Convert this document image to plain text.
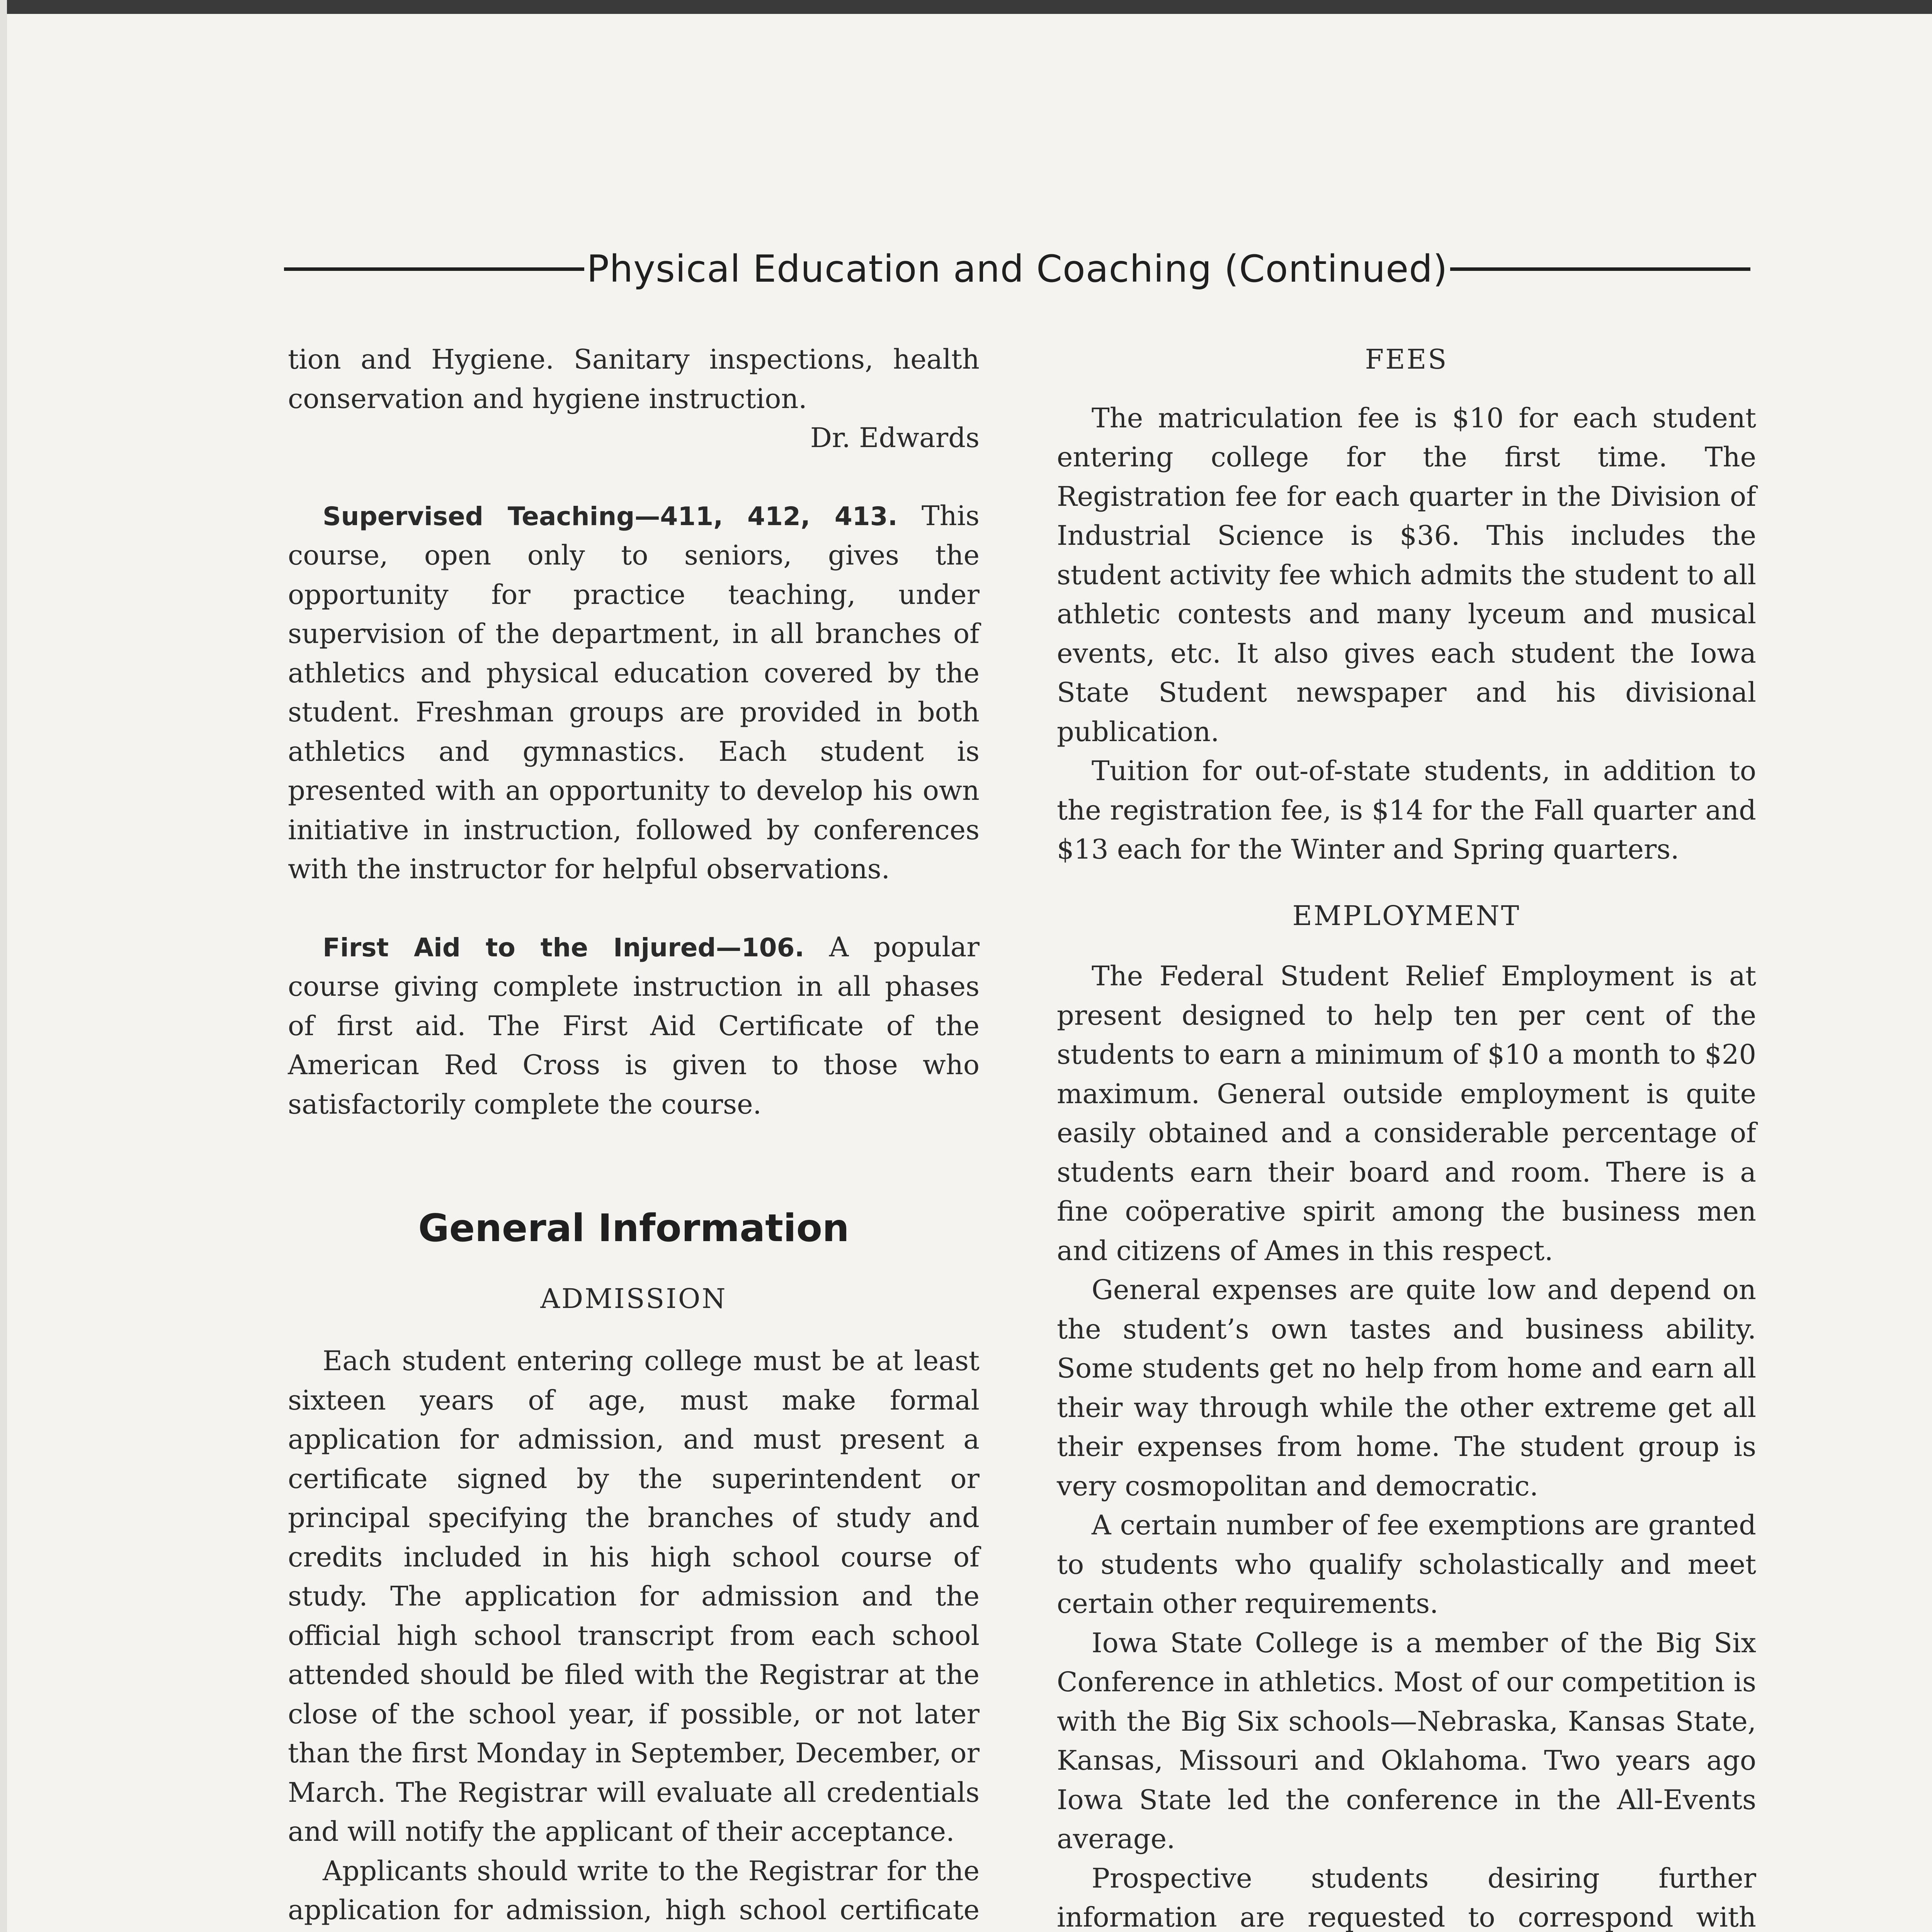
Physical Education and Coaching (Continued)

tion and Hygiene. Sanitary inspections, health conservation and hygiene instruction.

Dr. Edwards

Supervised Teaching—411, 412, 413. This course, open only to seniors, gives the opportunity for practice teaching, under supervision of the department, in all branches of athletics and physical education covered by the student. Freshman groups are provided in both athletics and gymnastics. Each student is presented with an opportunity to develop his own initiative in instruction, followed by conferences with the instructor for helpful observations.

First Aid to the Injured—106. A popular course giving complete instruction in all phases of first aid. The First Aid Certificate of the American Red Cross is given to those who satisfactorily complete the course.

General Information
ADMISSION

Each student entering college must be at least sixteen years of age, must make formal application for admission, and must present a certificate signed by the superintendent or principal specifying the branches of study and credits included in his high school course of study. The application for admission and the official high school transcript from each school attended should be filed with the Registrar at the close of the school year, if possible, or not later than the first Monday in September, December, or March. The Registrar will evaluate all credentials and will notify the applicant of their acceptance.

Applicants should write to the Registrar for the application for admission, high school certificate

FEES

The matriculation fee is $10 for each student entering college for the first time. The Registration fee for each quarter in the Division of Industrial Science is $36. This includes the student activity fee which admits the student to all athletic contests and many lyceum and musical events, etc. It also gives each student the Iowa State Student newspaper and his divisional publication.

Tuition for out-of-state students, in addition to the registration fee, is $14 for the Fall quarter and $13 each for the Winter and Spring quarters.

EMPLOYMENT

The Federal Student Relief Employment is at present designed to help ten per cent of the students to earn a minimum of $10 a month to $20 maximum. General outside employment is quite easily obtained and a considerable percentage of students earn their board and room. There is a fine coöperative spirit among the business men and citizens of Ames in this respect.

General expenses are quite low and depend on the student’s own tastes and business ability. Some students get no help from home and earn all their way through while the other extreme get all their expenses from home. The student group is very cosmopolitan and democratic.

A certain number of fee exemptions are granted to students who qualify scholastically and meet certain other requirements.

Iowa State College is a member of the Big Six Conference in athletics. Most of our competition is with the Big Six schools—Nebraska, Kansas State, Kansas, Missouri and Oklahoma. Two years ago Iowa State led the conference in the All-Events average.

Prospective students desiring further information are requested to correspond with
